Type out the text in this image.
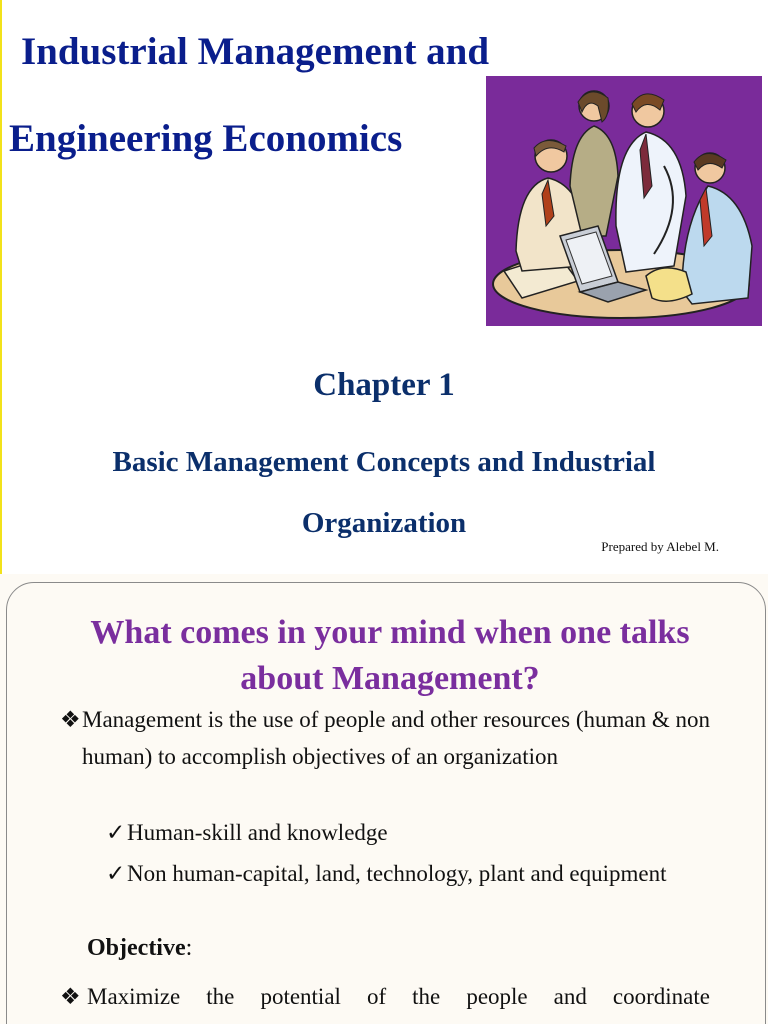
Industrial Management and
Engineering Economics
Chapter 1
Basic Management Concepts and Industrial
Organization
Prepared by Alebel M.
What comes in your mind when one talks
about Management?
❖ Management is the use of people and other resources (human & non human) to accomplish objectives of an organization
✓ Human-skill and knowledge
✓ Non human-capital, land, technology, plant and equipment

Objective:

❖ Maximize the potential of the people and coordinate
